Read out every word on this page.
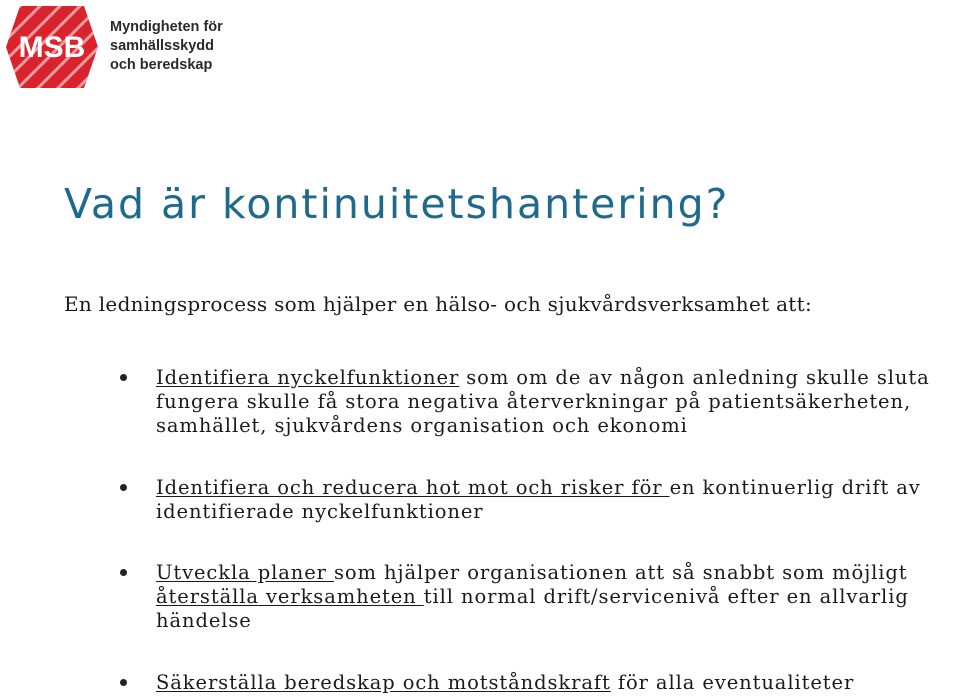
MSB
Myndigheten för
samhällsskydd
och beredskap
Vad är kontinuitetshantering?

En ledningsprocess som hjälper en hälso- och sjukvårdsverksamhet att:

Identifiera nyckelfunktioner som om de av någon anledning skulle sluta
fungera skulle få stora negativa återverkningar på patientsäkerheten,
samhället, sjukvårdens organisation och ekonomi
Identifiera och reducera hot mot och risker för en kontinuerlig drift av
identifierade nyckelfunktioner
Utveckla planer som hjälper organisationen att så snabbt som möjligt
återställa verksamheten till normal drift/servicenivå efter en allvarlig
händelse
Säkerställa beredskap och motståndskraft för alla eventualiteter
